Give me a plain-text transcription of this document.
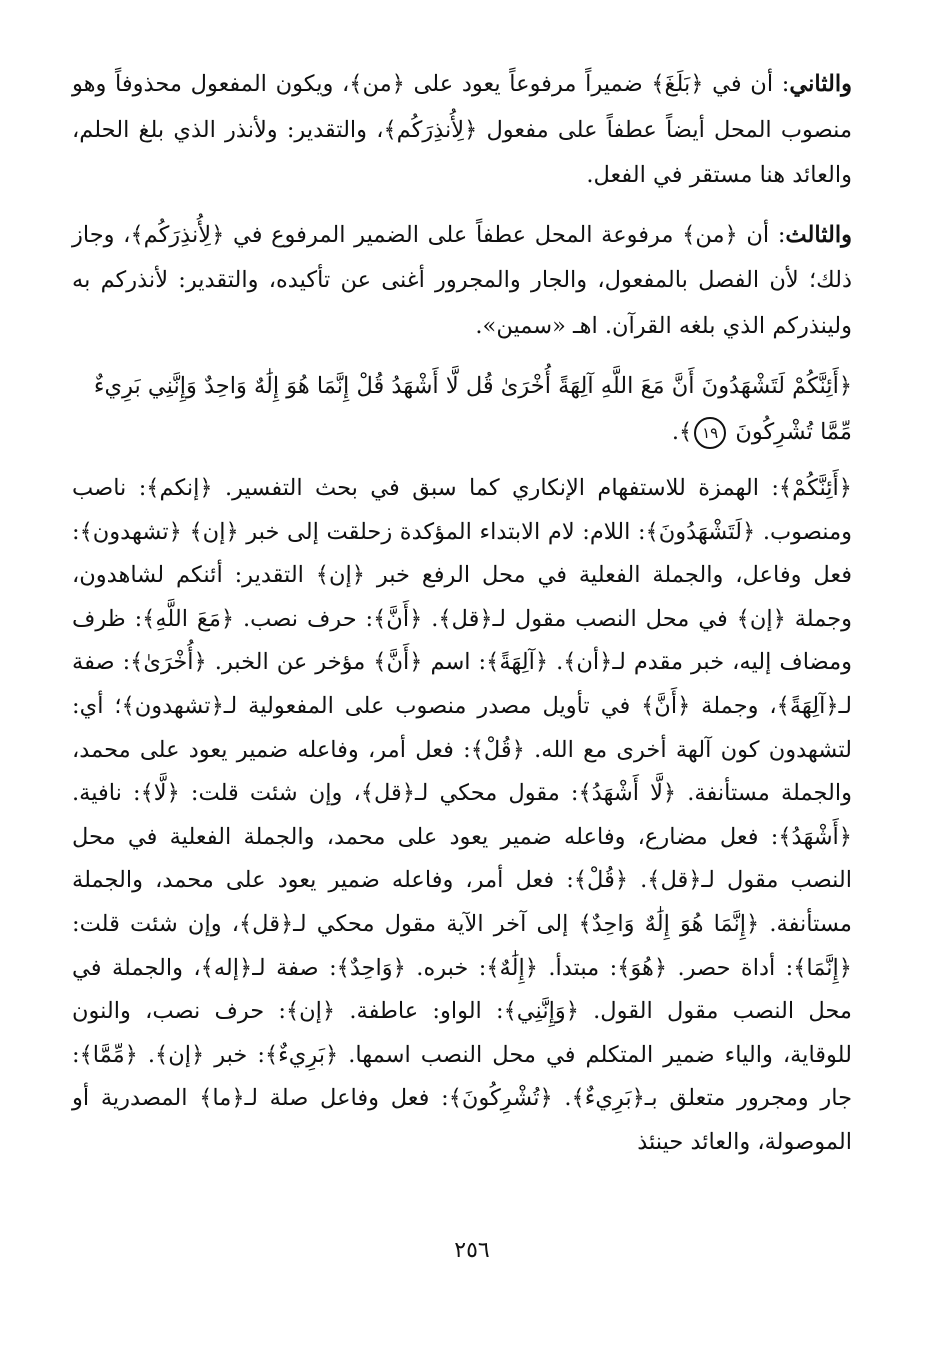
والثاني: أن في ﴿بَلَغَ﴾ ضميراً مرفوعاً يعود على ﴿من﴾، ويكون المفعول محذوفاً وهو منصوب المحل أيضاً عطفاً على مفعول ﴿لِأُنذِرَكُم﴾، والتقدير: ولأنذر الذي بلغ الحلم، والعائد هنا مستقر في الفعل.

والثالث: أن ﴿من﴾ مرفوعة المحل عطفاً على الضمير المرفوع في ﴿لِأُنذِرَكُم﴾، وجاز ذلك؛ لأن الفصل بالمفعول، والجار والمجرور أغنى عن تأكيده، والتقدير: لأنذركم به ولينذركم الذي بلغه القرآن. اهـ «سمين».

﴿أَئِنَّكُمْ لَتَشْهَدُونَ أَنَّ مَعَ اللَّهِ آلِهَةً أُخْرَىٰ قُل لَّا أَشْهَدُ قُلْ إِنَّمَا هُوَ إِلَٰهٌ وَاحِدٌ وَإِنَّنِي بَرِيءٌ مِّمَّا تُشْرِكُونَ ١٩﴾.

﴿أَئِنَّكُمْ﴾: الهمزة للاستفهام الإنكاري كما سبق في بحث التفسير. ﴿إنكم﴾: ناصب ومنصوب. ﴿لَتَشْهَدُونَ﴾: اللام: لام الابتداء المؤكدة زحلقت إلى خبر ﴿إن﴾ ﴿تشهدون﴾: فعل وفاعل، والجملة الفعلية في محل الرفع خبر ﴿إن﴾ التقدير: أئنكم لشاهدون، وجملة ﴿إن﴾ في محل النصب مقول لـ﴿قل﴾. ﴿أَنَّ﴾: حرف نصب. ﴿مَعَ اللَّهِ﴾: ظرف ومضاف إليه، خبر مقدم لـ﴿أن﴾. ﴿آلِهَةً﴾: اسم ﴿أَنَّ﴾ مؤخر عن الخبر. ﴿أُخْرَىٰ﴾: صفة لـ﴿آلِهَةً﴾، وجملة ﴿أَنَّ﴾ في تأويل مصدر منصوب على المفعولية لـ﴿تشهدون﴾؛ أي: لتشهدون كون آلهة أخرى مع الله. ﴿قُلْ﴾: فعل أمر، وفاعله ضمير يعود على محمد، والجملة مستأنفة. ﴿لَّا أَشْهَدُ﴾: مقول محكي لـ﴿قل﴾، وإن شئت قلت: ﴿لَّا﴾: نافية. ﴿أَشْهَدُ﴾: فعل مضارع، وفاعله ضمير يعود على محمد، والجملة الفعلية في محل النصب مقول لـ﴿قل﴾. ﴿قُلْ﴾: فعل أمر، وفاعله ضمير يعود على محمد، والجملة مستأنفة. ﴿إِنَّمَا هُوَ إِلَٰهٌ وَاحِدٌ﴾ إلى آخر الآية مقول محكي لـ﴿قل﴾، وإن شئت قلت: ﴿إِنَّمَا﴾: أداة حصر. ﴿هُوَ﴾: مبتدأ. ﴿إِلَٰهٌ﴾: خبره. ﴿وَاحِدٌ﴾: صفة لـ﴿إله﴾، والجملة في محل النصب مقول القول. ﴿وَإِنَّنِي﴾: الواو: عاطفة. ﴿إن﴾: حرف نصب، والنون للوقاية، والياء ضمير المتكلم في محل النصب اسمها. ﴿بَرِيءٌ﴾: خبر ﴿إن﴾. ﴿مِّمَّا﴾: جار ومجرور متعلق بـ﴿بَرِيءٌ﴾. ﴿تُشْرِكُونَ﴾: فعل وفاعل صلة لـ﴿ما﴾ المصدرية أو الموصولة، والعائد حينئذ

٢٥٦
